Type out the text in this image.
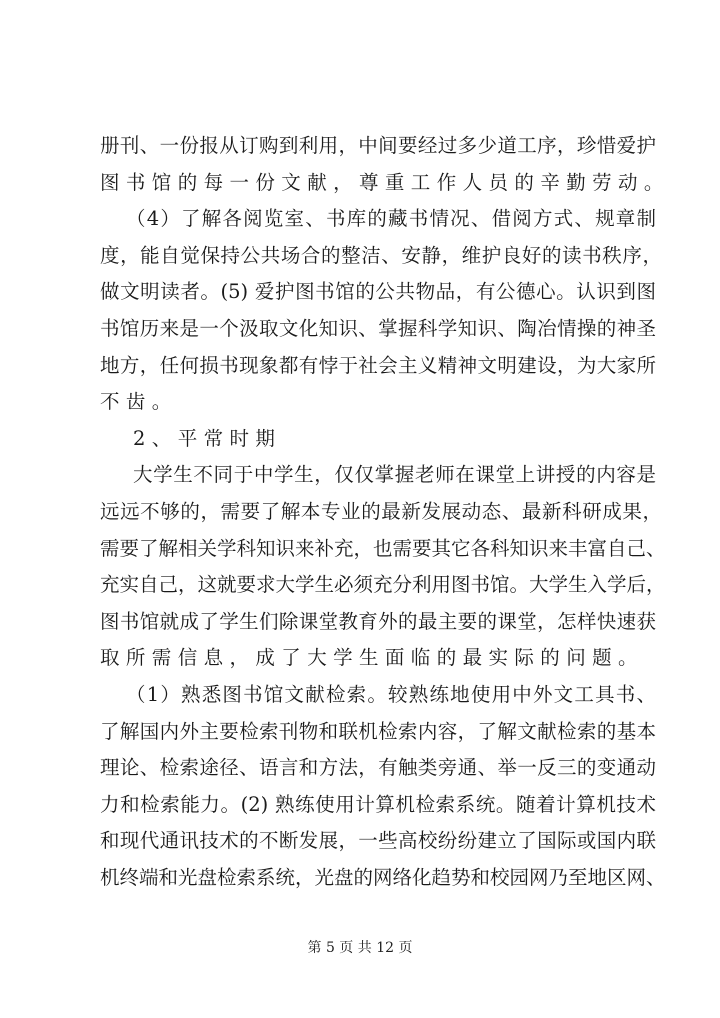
册刊、一份报从订购到利用，中间要经过多少道工序，珍惜爱护
图书馆的每一份文献，尊重工作人员的辛勤劳动。
（4）了解各阅览室、书库的藏书情况、借阅方式、规章制
度，能自觉保持公共场合的整洁、安静，维护良好的读书秩序，
做文明读者。(5) 爱护图书馆的公共物品，有公德心。认识到图
书馆历来是一个汲取文化知识、掌握科学知识、陶冶情操的神圣
地方，任何损书现象都有悖于社会主义精神文明建设，为大家所
不齿。
2、平常时期
大学生不同于中学生，仅仅掌握老师在课堂上讲授的内容是
远远不够的，需要了解本专业的最新发展动态、最新科研成果，
需要了解相关学科知识来补充，也需要其它各科知识来丰富自己、
充实自己，这就要求大学生必须充分利用图书馆。大学生入学后，
图书馆就成了学生们除课堂教育外的最主要的课堂，怎样快速获
取所需信息，成了大学生面临的最实际的问题。
（1）熟悉图书馆文献检索。较熟练地使用中外文工具书、
了解国内外主要检索刊物和联机检索内容，了解文献检索的基本
理论、检索途径、语言和方法，有触类旁通、举一反三的变通动
力和检索能力。(2) 熟练使用计算机检索系统。随着计算机技术
和现代通讯技术的不断发展，一些高校纷纷建立了国际或国内联
机终端和光盘检索系统，光盘的网络化趋势和校园网乃至地区网、
第 5 页 共 12 页
